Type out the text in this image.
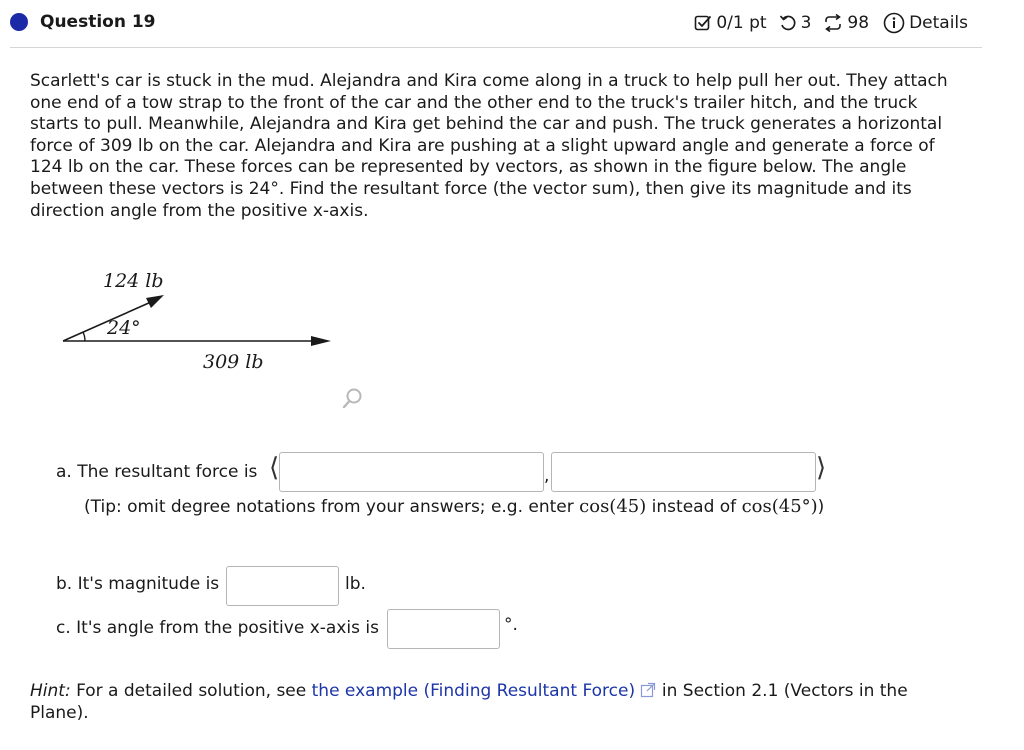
Question 19	0/1 pt 3 98 Details
Scarlett's car is stuck in the mud. Alejandra and Kira come along in a truck to help pull her out. They attach one end of a tow strap to the front of the car and the other end to the truck's trailer hitch, and the truck starts to pull. Meanwhile, Alejandra and Kira get behind the car and push. The truck generates a horizontal force of 309 lb on the car. Alejandra and Kira are pushing at a slight upward angle and generate a force of 124 lb on the car. These forces can be represented by vectors, as shown in the figure below. The angle between these vectors is 24°. Find the resultant force (the vector sum), then give its magnitude and its direction angle from the positive x-axis.
124 lb
24°
309 lb
a. The resultant force is ⟨	,	⟩
(Tip: omit degree notations from your answers; e.g. enter cos(45) instead of cos(45°))
b. It's magnitude is	lb.
c. It's angle from the positive x-axis is	°.
Hint: For a detailed solution, see the example (Finding Resultant Force) in Section 2.1 (Vectors in the Plane).
